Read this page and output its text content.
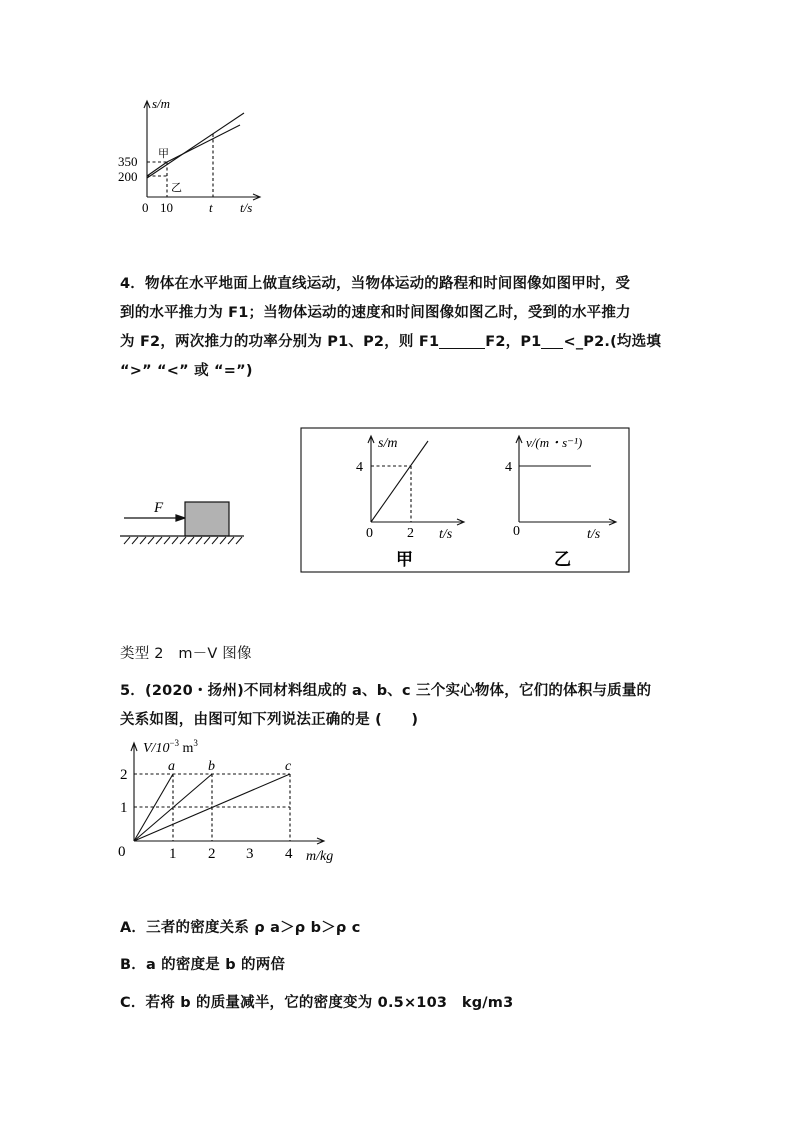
s/m
350
200
0 10	t t/s
甲
乙
4．物体在水平地面上做直线运动，当物体运动的路程和时间图像如图甲时，受
到的水平推力为 F1；当物体运动的速度和时间图像如图乙时，受到的水平推力
为 F2，两次推力的功率分别为 P1、P2，则 F1	F2，P1 <_P2.(均选填
“>” “<” 或 “=”)
F
s/m
4
0 2 t/s
甲
v/(m・s⁻¹)
4
0	t/s
乙
类型 2　m－V 图像
5．(2020・扬州)不同材料组成的 a、b、c 三个实心物体，它们的体积与质量的
关系如图，由图可知下列说法正确的是 (　　)
$V/10^{-3}$ $m^3$
a b	c
2
1
0	1 2 3 4 m/kg
A．三者的密度关系 ρ a＞ρ b＞ρ c
B．a 的密度是 b 的两倍
C．若将 b 的质量减半，它的密度变为 0.5×103　kg/m3
